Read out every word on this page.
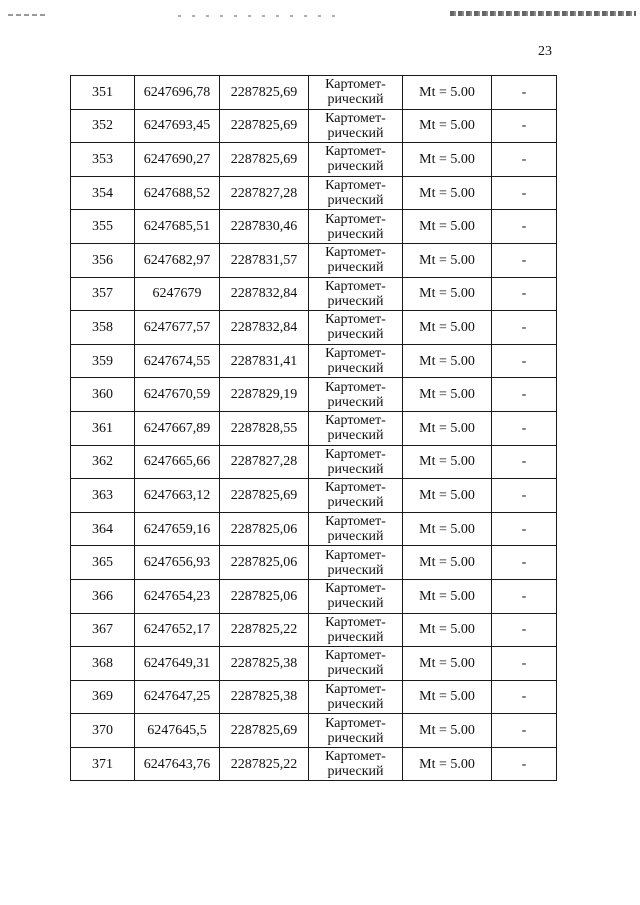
23
351	6247696,78	2287825,69	Картомет-
рический	Mt = 5.00	-
352	6247693,45	2287825,69	Картомет-
рический	Mt = 5.00	-
353	6247690,27	2287825,69	Картомет-
рический	Mt = 5.00	-
354	6247688,52	2287827,28	Картомет-
рический	Mt = 5.00	-
355	6247685,51	2287830,46	Картомет-
рический	Mt = 5.00	-
356	6247682,97	2287831,57	Картомет-
рический	Mt = 5.00	-
357	6247679	2287832,84	Картомет-
рический	Mt = 5.00	-
358	6247677,57	2287832,84	Картомет-
рический	Mt = 5.00	-
359	6247674,55	2287831,41	Картомет-
рический	Mt = 5.00	-
360	6247670,59	2287829,19	Картомет-
рический	Mt = 5.00	-
361	6247667,89	2287828,55	Картомет-
рический	Mt = 5.00	-
362	6247665,66	2287827,28	Картомет-
рический	Mt = 5.00	-
363	6247663,12	2287825,69	Картомет-
рический	Mt = 5.00	-
364	6247659,16	2287825,06	Картомет-
рический	Mt = 5.00	-
365	6247656,93	2287825,06	Картомет-
рический	Mt = 5.00	-
366	6247654,23	2287825,06	Картомет-
рический	Mt = 5.00	-
367	6247652,17	2287825,22	Картомет-
рический	Mt = 5.00	-
368	6247649,31	2287825,38	Картомет-
рический	Mt = 5.00	-
369	6247647,25	2287825,38	Картомет-
рический	Mt = 5.00	-
370	6247645,5	2287825,69	Картомет-
рический	Mt = 5.00	-
371	6247643,76	2287825,22	Картомет-
рический	Mt = 5.00	-
